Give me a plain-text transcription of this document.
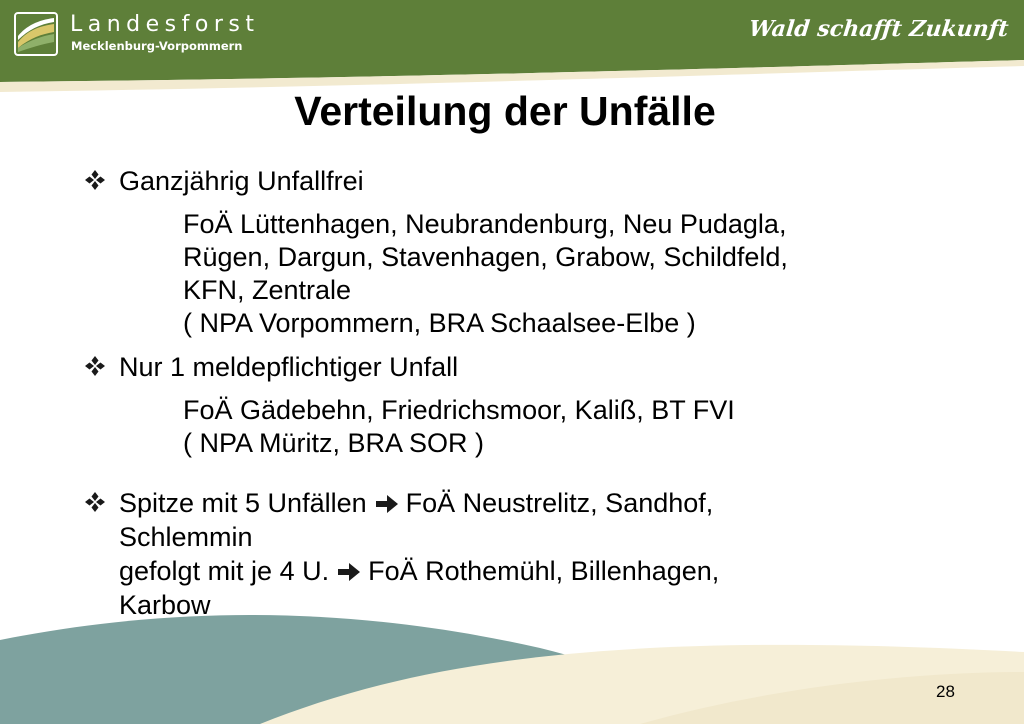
Landesforst
Mecklenburg-Vorpommern
Wald schafft Zukunft
Verteilung der Unfälle
Ganzjährig Unfallfrei
FoÄ Lüttenhagen, Neubrandenburg, Neu Pudagla,
Rügen, Dargun, Stavenhagen, Grabow, Schildfeld,
KFN, Zentrale
( NPA Vorpommern, BRA Schaalsee-Elbe )
Nur 1 meldepflichtiger Unfall
FoÄ Gädebehn, Friedrichsmoor, Kaliß, BT FVI
( NPA Müritz, BRA SOR )
Spitze mit 5 Unfällen FoÄ Neustrelitz, Sandhof,
Schlemmin
gefolgt mit je 4 U. FoÄ Rothemühl, Billenhagen,
Karbow
28
